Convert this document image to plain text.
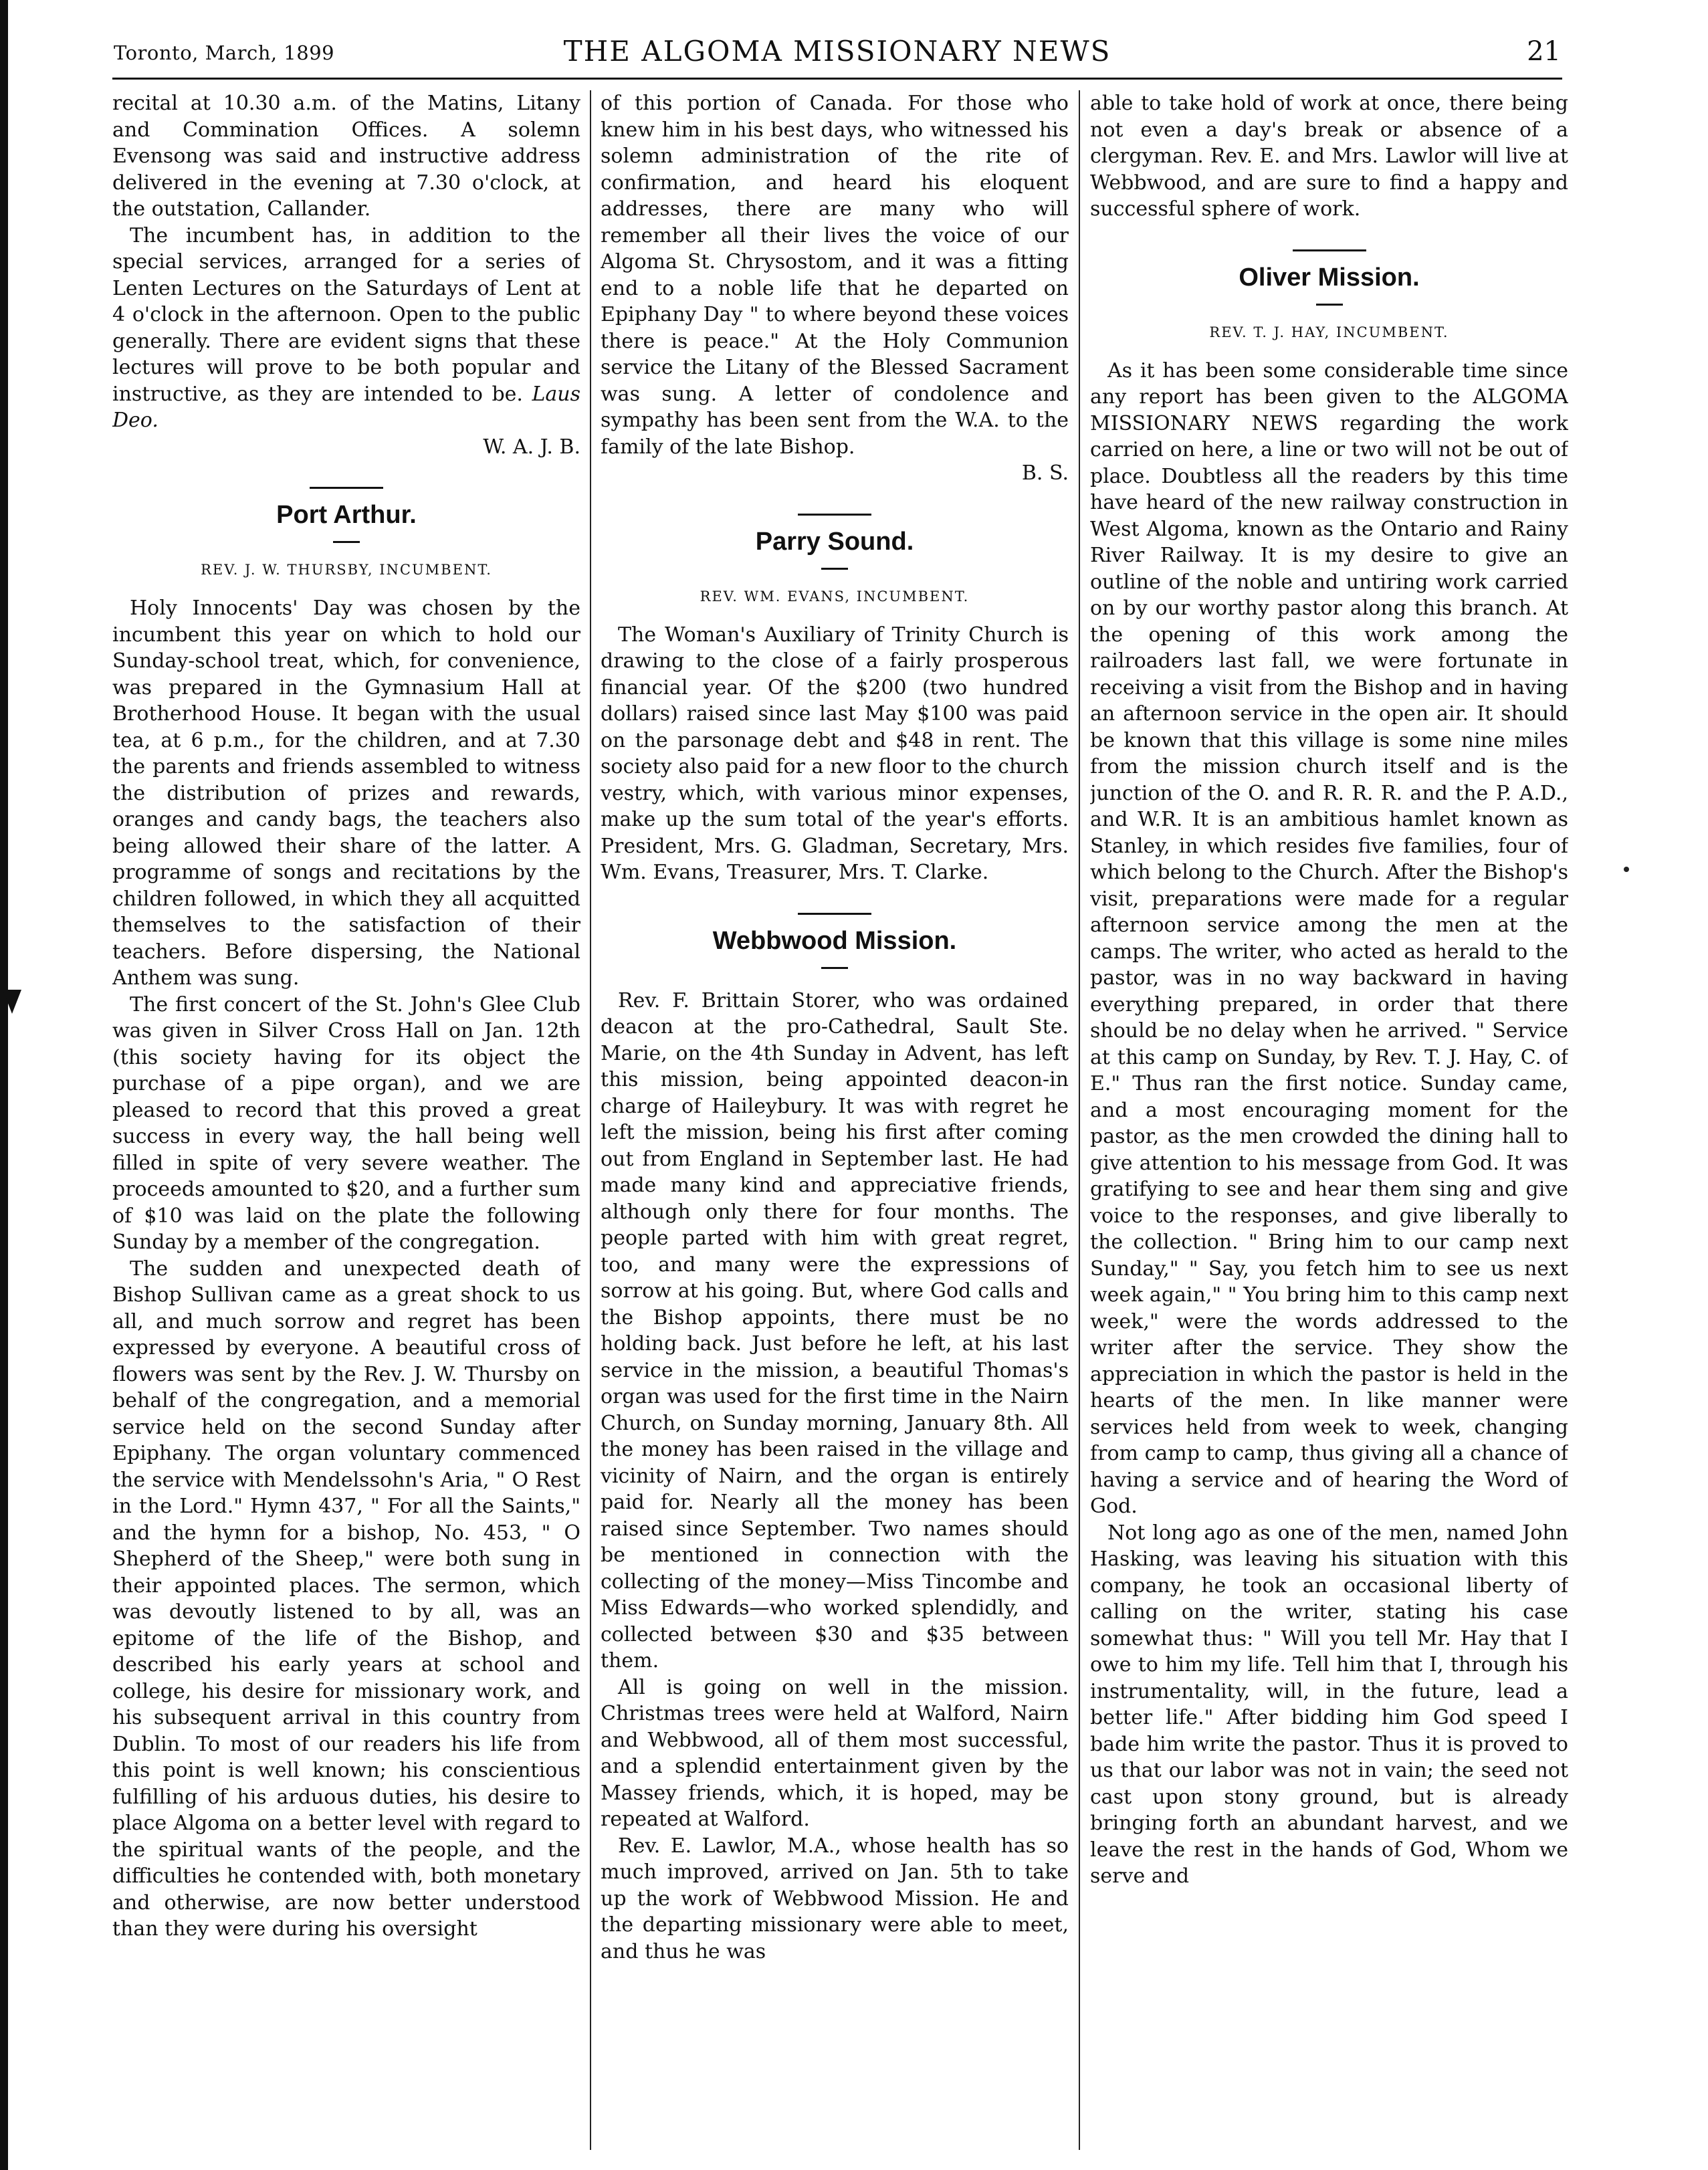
Toronto, March, 1899	THE ALGOMA MISSIONARY NEWS	21

recital at 10.30 a.m. of the Matins, Litany and Commination Offices. A solemn Evensong was said and instructive address delivered in the evening at 7.30 o'clock, at the outstation, Callander.

The incumbent has, in addition to the special services, arranged for a series of Lenten Lectures on the Saturdays of Lent at 4 o'clock in the afternoon. Open to the public generally. There are evident signs that these lectures will prove to be both popular and instructive, as they are intended to be. Laus Deo.

W. A. J. B.

Port Arthur.

REV. J. W. THURSBY, INCUMBENT.

Holy Innocents' Day was chosen by the incumbent this year on which to hold our Sunday-school treat, which, for convenience, was prepared in the Gymnasium Hall at Brotherhood House. It began with the usual tea, at 6 p.m., for the children, and at 7.30 the parents and friends assembled to witness the distribution of prizes and rewards, oranges and candy bags, the teachers also being allowed their share of the latter. A programme of songs and recitations by the children followed, in which they all acquitted themselves to the satisfaction of their teachers. Before dispersing, the National Anthem was sung.

The first concert of the St. John's Glee Club was given in Silver Cross Hall on Jan. 12th (this society having for its object the purchase of a pipe organ), and we are pleased to record that this proved a great success in every way, the hall being well filled in spite of very severe weather. The proceeds amounted to $20, and a further sum of $10 was laid on the plate the following Sunday by a member of the congregation.

The sudden and unexpected death of Bishop Sullivan came as a great shock to us all, and much sorrow and regret has been expressed by everyone. A beautiful cross of flowers was sent by the Rev. J. W. Thursby on behalf of the congregation, and a memorial service held on the second Sunday after Epiphany. The organ voluntary commenced the service with Mendelssohn's Aria, " O Rest in the Lord." Hymn 437, " For all the Saints," and the hymn for a bishop, No. 453, " O Shepherd of the Sheep," were both sung in their appointed places. The sermon, which was devoutly listened to by all, was an epitome of the life of the Bishop, and described his early years at school and college, his desire for missionary work, and his subsequent arrival in this country from Dublin. To most of our readers his life from this point is well known; his conscientious fulfilling of his arduous duties, his desire to place Algoma on a better level with regard to the spiritual wants of the people, and the difficulties he contended with, both monetary and otherwise, are now better understood than they were during his oversight

of this portion of Canada. For those who knew him in his best days, who witnessed his solemn administration of the rite of confirmation, and heard his eloquent addresses, there are many who will remember all their lives the voice of our Algoma St. Chrysostom, and it was a fitting end to a noble life that he departed on Epiphany Day " to where beyond these voices there is peace." At the Holy Communion service the Litany of the Blessed Sacrament was sung. A letter of condolence and sympathy has been sent from the W.A. to the family of the late Bishop.

B. S.

Parry Sound.

REV. WM. EVANS, INCUMBENT.

The Woman's Auxiliary of Trinity Church is drawing to the close of a fairly prosperous financial year. Of the $200 (two hundred dollars) raised since last May $100 was paid on the parsonage debt and $48 in rent. The society also paid for a new floor to the church vestry, which, with various minor expenses, make up the sum total of the year's efforts. President, Mrs. G. Gladman, Secretary, Mrs. Wm. Evans, Treasurer, Mrs. T. Clarke.

Webbwood Mission.

Rev. F. Brittain Storer, who was ordained deacon at the pro-Cathedral, Sault Ste. Marie, on the 4th Sunday in Advent, has left this mission, being appointed deacon-in charge of Haileybury. It was with regret he left the mission, being his first after coming out from England in September last. He had made many kind and appreciative friends, although only there for four months. The people parted with him with great regret, too, and many were the expressions of sorrow at his going. But, where God calls and the Bishop appoints, there must be no holding back. Just before he left, at his last service in the mission, a beautiful Thomas's organ was used for the first time in the Nairn Church, on Sunday morning, January 8th. All the money has been raised in the village and vicinity of Nairn, and the organ is entirely paid for. Nearly all the money has been raised since September. Two names should be mentioned in connection with the collecting of the money—Miss Tincombe and Miss Edwards—who worked splendidly, and collected between $30 and $35 between them.

All is going on well in the mission. Christmas trees were held at Walford, Nairn and Webbwood, all of them most successful, and a splendid entertainment given by the Massey friends, which, it is hoped, may be repeated at Walford.

Rev. E. Lawlor, M.A., whose health has so much improved, arrived on Jan. 5th to take up the work of Webbwood Mission. He and the departing missionary were able to meet, and thus he was

able to take hold of work at once, there being not even a day's break or absence of a clergyman. Rev. E. and Mrs. Lawlor will live at Webbwood, and are sure to find a happy and successful sphere of work.

Oliver Mission.

REV. T. J. HAY, INCUMBENT.

As it has been some considerable time since any report has been given to the ALGOMA MISSIONARY NEWS regarding the work carried on here, a line or two will not be out of place. Doubtless all the readers by this time have heard of the new railway construction in West Algoma, known as the Ontario and Rainy River Railway. It is my desire to give an outline of the noble and untiring work carried on by our worthy pastor along this branch. At the opening of this work among the railroaders last fall, we were fortunate in receiving a visit from the Bishop and in having an afternoon service in the open air. It should be known that this village is some nine miles from the mission church itself and is the junction of the O. and R. R. R. and the P. A.D., and W.R. It is an ambitious hamlet known as Stanley, in which resides five families, four of which belong to the Church. After the Bishop's visit, preparations were made for a regular afternoon service among the men at the camps. The writer, who acted as herald to the pastor, was in no way backward in having everything prepared, in order that there should be no delay when he arrived. " Service at this camp on Sunday, by Rev. T. J. Hay, C. of E." Thus ran the first notice. Sunday came, and a most encouraging moment for the pastor, as the men crowded the dining hall to give attention to his message from God. It was gratifying to see and hear them sing and give voice to the responses, and give liberally to the collection. " Bring him to our camp next Sunday," " Say, you fetch him to see us next week again," " You bring him to this camp next week," were the words addressed to the writer after the service. They show the appreciation in which the pastor is held in the hearts of the men. In like manner were services held from week to week, changing from camp to camp, thus giving all a chance of having a service and of hearing the Word of God.

Not long ago as one of the men, named John Hasking, was leaving his situation with this company, he took an occasional liberty of calling on the writer, stating his case somewhat thus: " Will you tell Mr. Hay that I owe to him my life. Tell him that I, through his instrumentality, will, in the future, lead a better life." After bidding him God speed I bade him write the pastor. Thus it is proved to us that our labor was not in vain; the seed not cast upon stony ground, but is already bringing forth an abundant harvest, and we leave the rest in the hands of God, Whom we serve and
